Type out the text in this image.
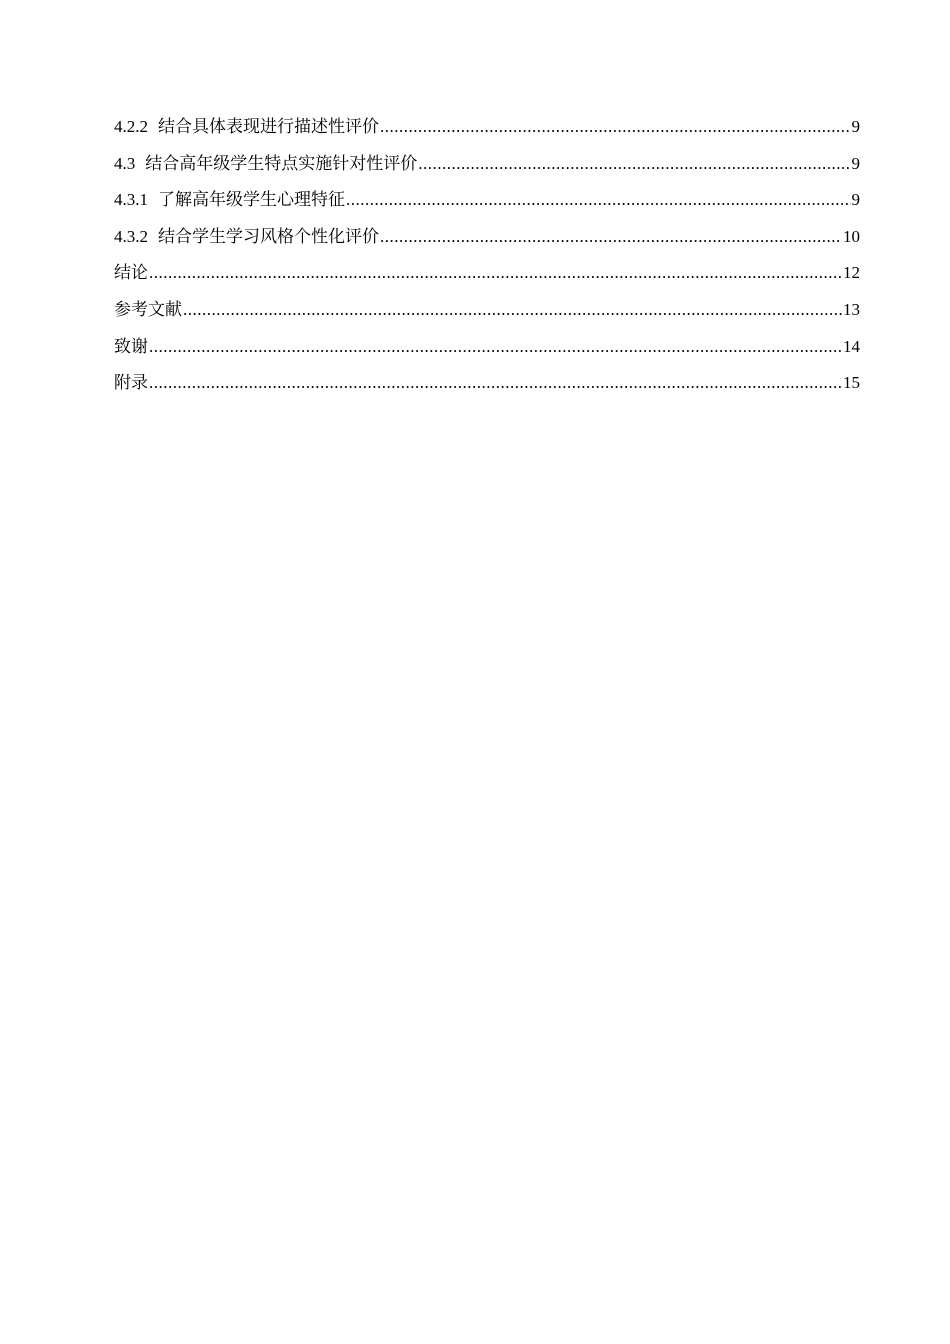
4.2.2 结合具体表现进行描述性评价 .....	9
4.3 结合高年级学生特点实施针对性评价 .....	9
4.3.1 了解高年级学生心理特征 .....	9
4.3.2 结合学生学习风格个性化评价 .....	10
结论 .....	12
参考文献 .....	13
致谢 .....	14
附录 .....	15
